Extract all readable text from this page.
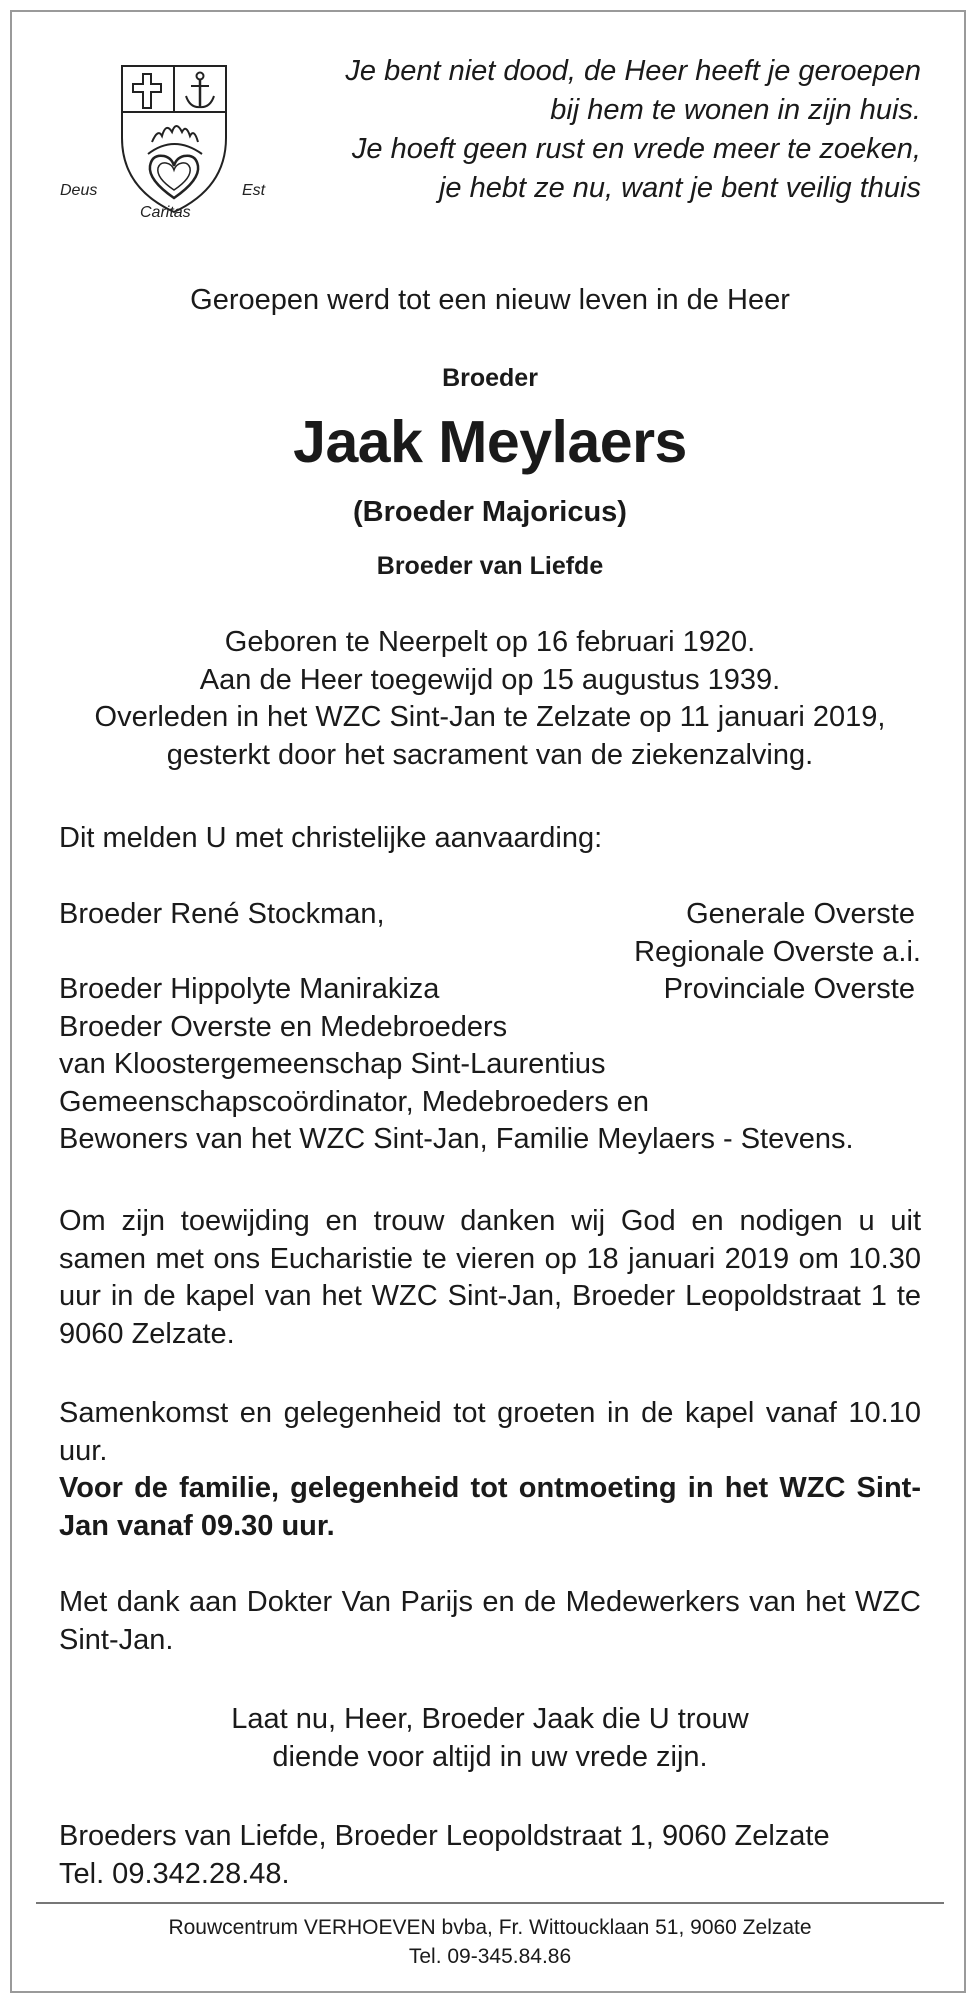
Deus
Caritas
Est
Je bent niet dood, de Heer heeft je geroepen
bij hem te wonen in zijn huis.
Je hoeft geen rust en vrede meer te zoeken,
je hebt ze nu, want je bent veilig thuis
Geroepen werd tot een nieuw leven in de Heer
Broeder
Jaak Meylaers
(Broeder Majoricus)
Broeder van Liefde
Geboren te Neerpelt op 16 februari 1920.
Aan de Heer toegewijd op 15 augustus 1939.
Overleden in het WZC Sint-Jan te Zelzate op 11 januari 2019,
gesterkt door het sacrament van de ziekenzalving.
Dit melden U met christelijke aanvaarding:
Broeder René Stockman,	Generale Overste
Regionale Overste a.i.
Broeder Hippolyte Manirakiza	Provinciale Overste
Broeder Overste en Medebroeders
van Kloostergemeenschap Sint-Laurentius
Gemeenschapscoördinator, Medebroeders en
Bewoners van het WZC Sint-Jan, Familie Meylaers - Stevens.
Om zijn toewijding en trouw danken wij God en nodigen u uit samen met ons Eucharistie te vieren op 18 januari 2019 om 10.30 uur in de kapel van het WZC Sint-Jan, Broeder Leopoldstraat 1 te 9060 Zelzate.
Samenkomst en gelegenheid tot groeten in de kapel vanaf 10.10 uur.
Voor de familie, gelegenheid tot ontmoeting in het WZC Sint-Jan vanaf 09.30 uur.
Met dank aan Dokter Van Parijs en de Medewerkers van het WZC Sint-Jan.
Laat nu, Heer, Broeder Jaak die U trouw
diende voor altijd in uw vrede zijn.
Broeders van Liefde, Broeder Leopoldstraat 1, 9060 Zelzate
Tel. 09.342.28.48.
Rouwcentrum VERHOEVEN bvba, Fr. Wittoucklaan 51, 9060 Zelzate
Tel. 09-345.84.86
